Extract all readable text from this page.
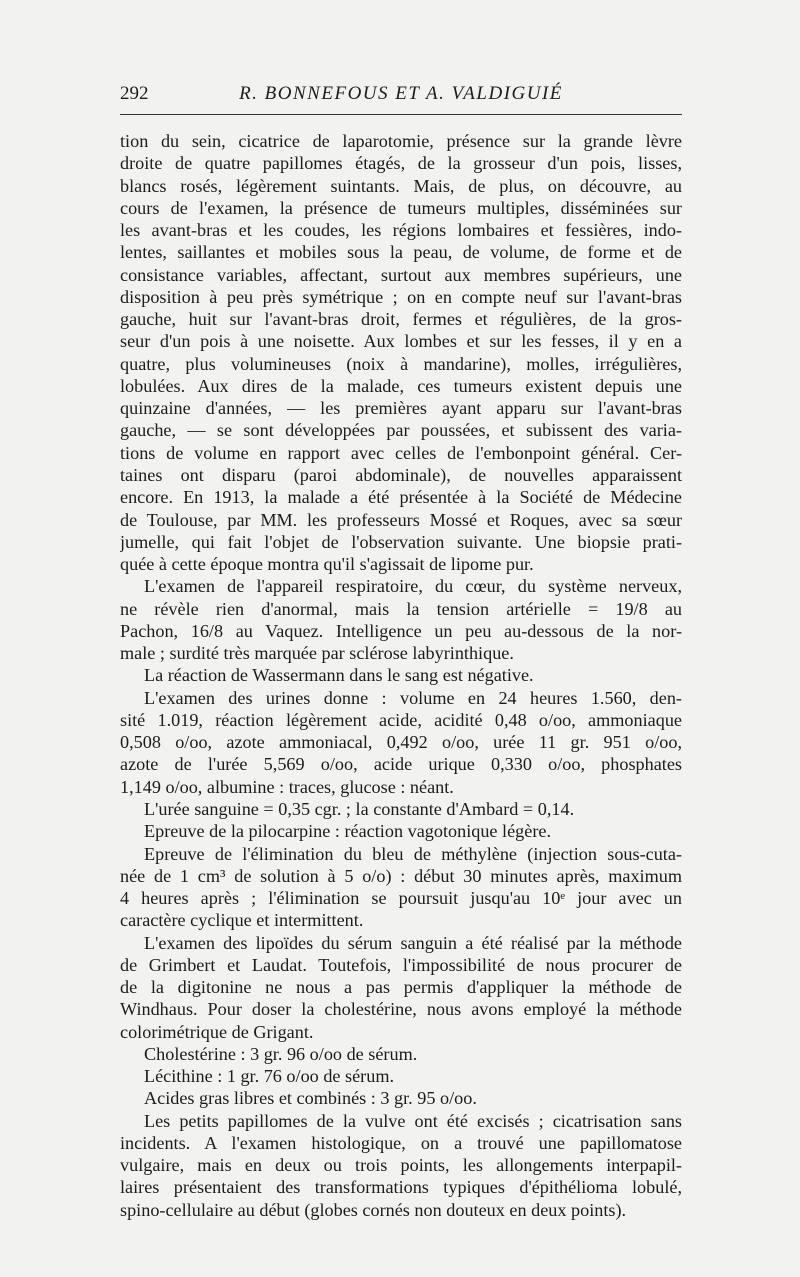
292	R. BONNEFOUS ET A. VALDIGUIÉ
tion du sein, cicatrice de laparotomie, présence sur la grande lèvre
droite de quatre papillomes étagés, de la grosseur d'un pois, lisses,
blancs rosés, légèrement suintants. Mais, de plus, on découvre, au
cours de l'examen, la présence de tumeurs multiples, disséminées sur
les avant-bras et les coudes, les régions lombaires et fessières, indo-
lentes, saillantes et mobiles sous la peau, de volume, de forme et de
consistance variables, affectant, surtout aux membres supérieurs, une
disposition à peu près symétrique ; on en compte neuf sur l'avant-bras
gauche, huit sur l'avant-bras droit, fermes et régulières, de la gros-
seur d'un pois à une noisette. Aux lombes et sur les fesses, il y en a
quatre, plus volumineuses (noix à mandarine), molles, irrégulières,
lobulées. Aux dires de la malade, ces tumeurs existent depuis une
quinzaine d'années, — les premières ayant apparu sur l'avant-bras
gauche, — se sont développées par poussées, et subissent des varia-
tions de volume en rapport avec celles de l'embonpoint général. Cer-
taines ont disparu (paroi abdominale), de nouvelles apparaissent
encore. En 1913, la malade a été présentée à la Société de Médecine
de Toulouse, par MM. les professeurs Mossé et Roques, avec sa sœur
jumelle, qui fait l'objet de l'observation suivante. Une biopsie prati-
quée à cette époque montra qu'il s'agissait de lipome pur.
L'examen de l'appareil respiratoire, du cœur, du système nerveux,
ne révèle rien d'anormal, mais la tension artérielle = 19/8 au
Pachon, 16/8 au Vaquez. Intelligence un peu au-dessous de la nor-
male ; surdité très marquée par sclérose labyrinthique.
La réaction de Wassermann dans le sang est négative.
L'examen des urines donne : volume en 24 heures 1.560, den-
sité 1.019, réaction légèrement acide, acidité 0,48 o/oo, ammoniaque
0,508 o/oo, azote ammoniacal, 0,492 o/oo, urée 11 gr. 951 o/oo,
azote de l'urée 5,569 o/oo, acide urique 0,330 o/oo, phosphates
1,149 o/oo, albumine : traces, glucose : néant.
L'urée sanguine = 0,35 cgr. ; la constante d'Ambard = 0,14.
Epreuve de la pilocarpine : réaction vagotonique légère.
Epreuve de l'élimination du bleu de méthylène (injection sous-cuta-
née de 1 cm³ de solution à 5 o/o) : début 30 minutes après, maximum
4 heures après ; l'élimination se poursuit jusqu'au 10ᵉ jour avec un
caractère cyclique et intermittent.
L'examen des lipoïdes du sérum sanguin a été réalisé par la méthode
de Grimbert et Laudat. Toutefois, l'impossibilité de nous procurer de
de la digitonine ne nous a pas permis d'appliquer la méthode de
Windhaus. Pour doser la cholestérine, nous avons employé la méthode
colorimétrique de Grigant.
Cholestérine : 3 gr. 96 o/oo de sérum.
Lécithine : 1 gr. 76 o/oo de sérum.
Acides gras libres et combinés : 3 gr. 95 o/oo.
Les petits papillomes de la vulve ont été excisés ; cicatrisation sans
incidents. A l'examen histologique, on a trouvé une papillomatose
vulgaire, mais en deux ou trois points, les allongements interpapil-
laires présentaient des transformations typiques d'épithélioma lobulé,
spino-cellulaire au début (globes cornés non douteux en deux points).
